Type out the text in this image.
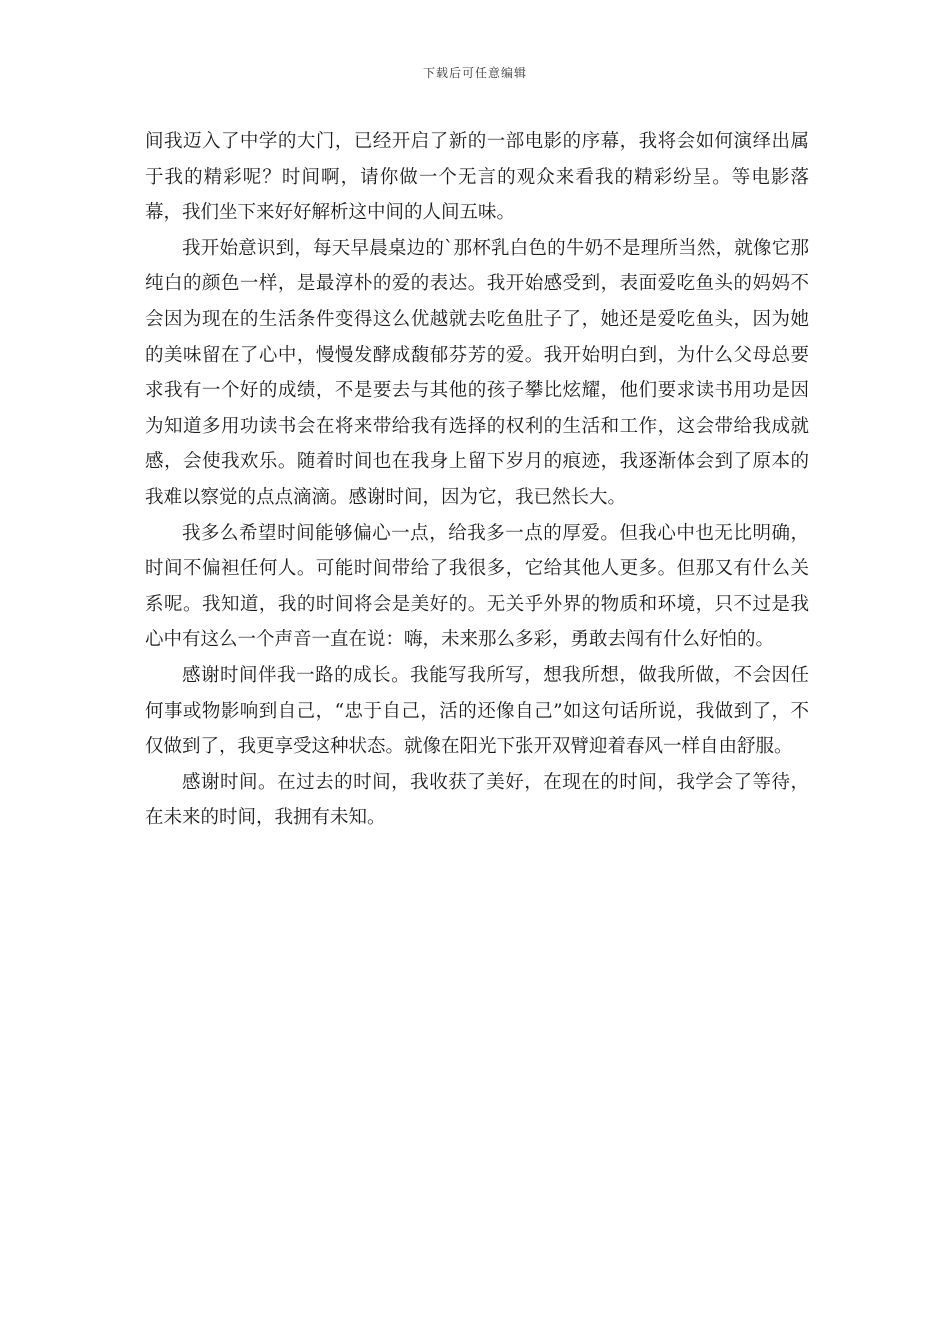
下载后可任意编辑

间我迈入了中学的大门，已经开启了新的一部电影的序幕，我将会如何演绎出属于我的精彩呢？时间啊，请你做一个无言的观众来看我的精彩纷呈。等电影落幕，我们坐下来好好解析这中间的人间五味。

我开始意识到，每天早晨桌边的`那杯乳白色的牛奶不是理所当然，就像它那纯白的颜色一样，是最淳朴的爱的表达。我开始感受到，表面爱吃鱼头的妈妈不会因为现在的生活条件变得这么优越就去吃鱼肚子了，她还是爱吃鱼头，因为她的美味留在了心中，慢慢发酵成馥郁芬芳的爱。我开始明白到，为什么父母总要求我有一个好的成绩，不是要去与其他的孩子攀比炫耀，他们要求读书用功是因为知道多用功读书会在将来带给我有选择的权利的生活和工作，这会带给我成就感，会使我欢乐。随着时间也在我身上留下岁月的痕迹，我逐渐体会到了原本的我难以察觉的点点滴滴。感谢时间，因为它，我已然长大。

我多么希望时间能够偏心一点，给我多一点的厚爱。但我心中也无比明确，时间不偏袒任何人。可能时间带给了我很多，它给其他人更多。但那又有什么关系呢。我知道，我的时间将会是美好的。无关乎外界的物质和环境，只不过是我心中有这么一个声音一直在说：嗨，未来那么多彩，勇敢去闯有什么好怕的。

感谢时间伴我一路的成长。我能写我所写，想我所想，做我所做，不会因任何事或物影响到自己，“忠于自己，活的还像自己”如这句话所说，我做到了，不仅做到了，我更享受这种状态。就像在阳光下张开双臂迎着春风一样自由舒服。

感谢时间。在过去的时间，我收获了美好，在现在的时间，我学会了等待，在未来的时间，我拥有未知。
